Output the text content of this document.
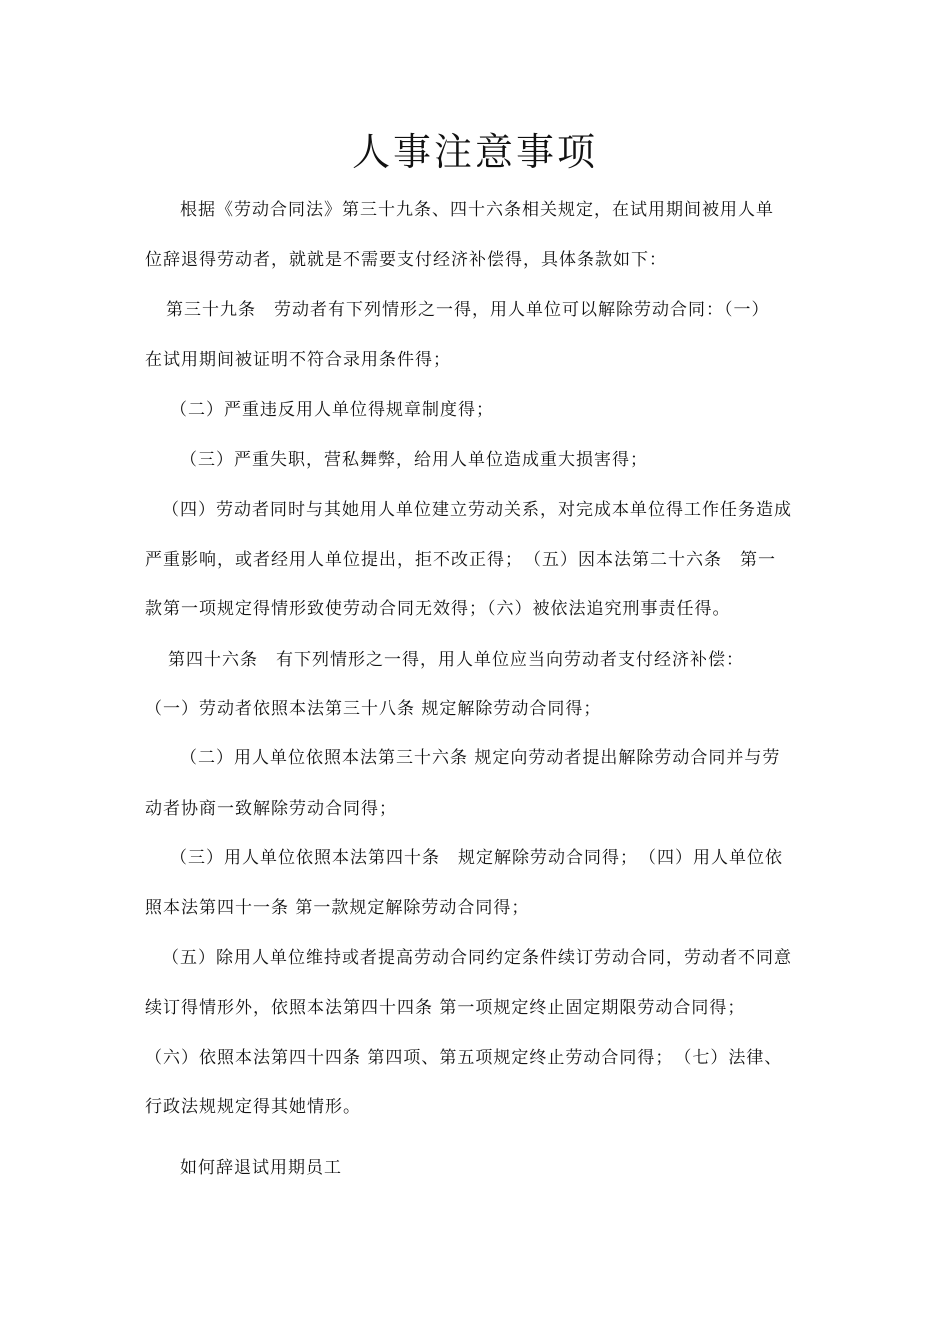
人事注意事项
根据《劳动合同法》第三十九条、四十六条相关规定，在试用期间被用人单
位辞退得劳动者，就就是不需要支付经济补偿得，具体条款如下：
第三十九条　劳动者有下列情形之一得，用人单位可以解除劳动合同：（一）
在试用期间被证明不符合录用条件得；
（二）严重违反用人单位得规章制度得；
（三）严重失职，营私舞弊，给用人单位造成重大损害得；
（四）劳动者同时与其她用人单位建立劳动关系，对完成本单位得工作任务造成
严重影响，或者经用人单位提出，拒不改正得；　（五）因本法第二十六条　第一
款第一项规定得情形致使劳动合同无效得；（六）被依法追究刑事责任得。
第四十六条　有下列情形之一得，用人单位应当向劳动者支付经济补偿：
（一）劳动者依照本法第三十八条 规定解除劳动合同得；
（二）用人单位依照本法第三十六条 规定向劳动者提出解除劳动合同并与劳
动者协商一致解除劳动合同得；
（三）用人单位依照本法第四十条　规定解除劳动合同得；　（四）用人单位依
照本法第四十一条 第一款规定解除劳动合同得；
（五）除用人单位维持或者提高劳动合同约定条件续订劳动合同，劳动者不同意
续订得情形外，依照本法第四十四条 第一项规定终止固定期限劳动合同得；
（六）依照本法第四十四条 第四项、第五项规定终止劳动合同得；　（七）法律、
行政法规规定得其她情形。
如何辞退试用期员工
